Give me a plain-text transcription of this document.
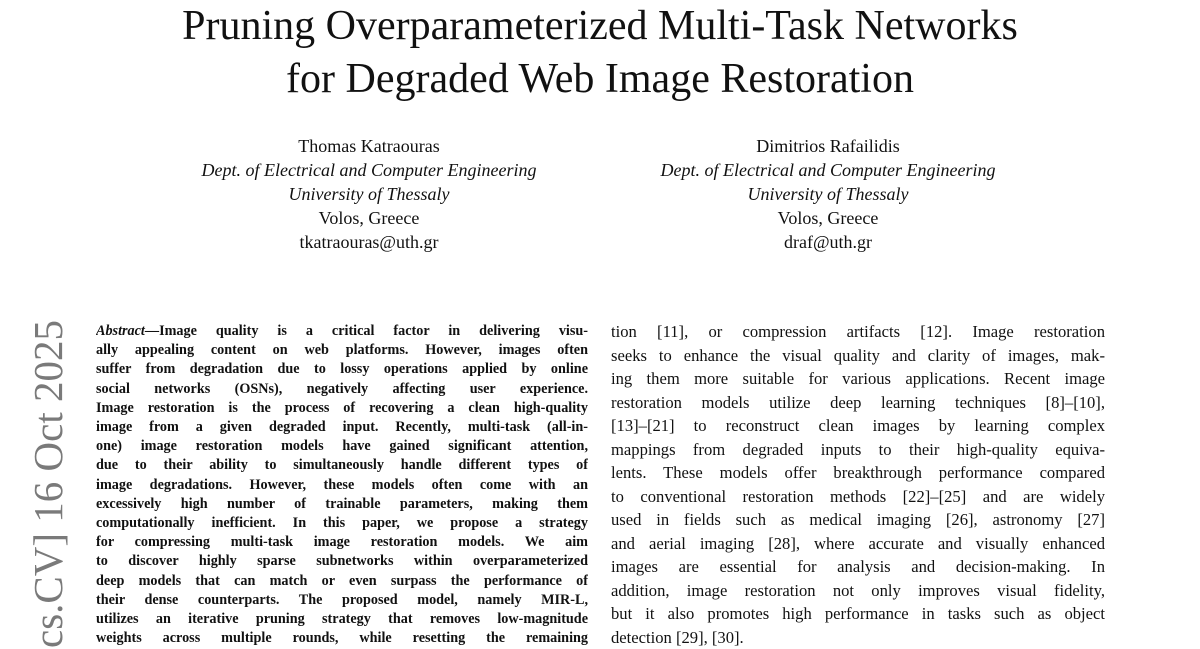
Pruning Overparameterized Multi-Task Networks
for Degraded Web Image Restoration
Thomas Katraouras
Dept. of Electrical and Computer Engineering
University of Thessaly
Volos, Greece
tkatraouras@uth.gr
Dimitrios Rafailidis
Dept. of Electrical and Computer Engineering
University of Thessaly
Volos, Greece
draf@uth.gr
cs.CV] 16 Oct 2025 Abstract—Image quality is a critical factor in delivering visu-
ally appealing content on web platforms. However, images often
suffer from degradation due to lossy operations applied by online
social networks (OSNs), negatively affecting user experience.
Image restoration is the process of recovering a clean high-quality
image from a given degraded input. Recently, multi-task (all-in-
one) image restoration models have gained significant attention,
due to their ability to simultaneously handle different types of
image degradations. However, these models often come with an
excessively high number of trainable parameters, making them
computationally inefficient. In this paper, we propose a strategy
for compressing multi-task image restoration models. We aim
to discover highly sparse subnetworks within overparameterized
deep models that can match or even surpass the performance of
their dense counterparts. The proposed model, namely MIR-L,
utilizes an iterative pruning strategy that removes low-magnitude
weights across multiple rounds, while resetting the remaining
tion [11], or compression artifacts [12]. Image restoration
seeks to enhance the visual quality and clarity of images, mak-
ing them more suitable for various applications. Recent image
restoration models utilize deep learning techniques [8]–[10],
[13]–[21] to reconstruct clean images by learning complex
mappings from degraded inputs to their high-quality equiva-
lents. These models offer breakthrough performance compared
to conventional restoration methods [22]–[25] and are widely
used in fields such as medical imaging [26], astronomy [27]
and aerial imaging [28], where accurate and visually enhanced
images are essential for analysis and decision-making. In
addition, image restoration not only improves visual fidelity,
but it also promotes high performance in tasks such as object
detection [29], [30].
